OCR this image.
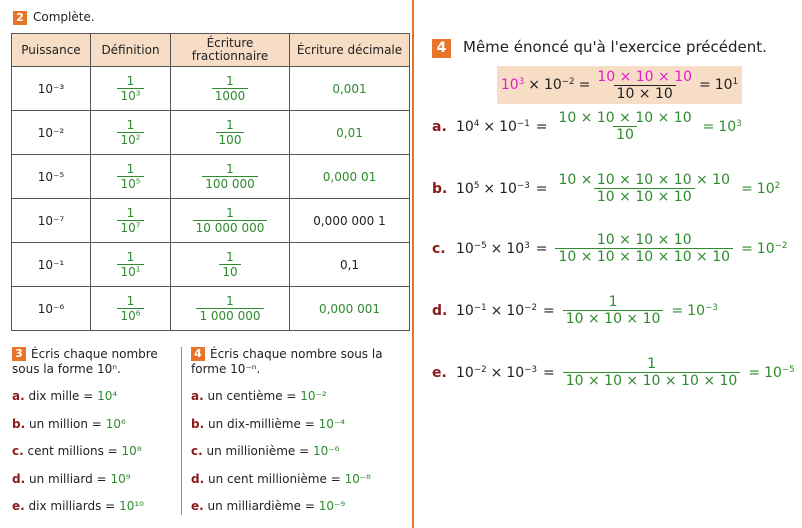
2 Complète.
Puissance	Définition	Écriture fractionnaire	Écriture décimale
10⁻³	$\frac{1}{10^3}$	$\frac{1}{1000}$	0,001
10⁻²	$\frac{1}{10^2}$	$\frac{1}{100}$	0,01
10⁻⁵	$\frac{1}{10^5}$	$\frac{1}{100 000}$	0,000 01
10⁻⁷	$\frac{1}{10^7}$	$\frac{1}{10 000 000}$	0,000 000 1
10⁻¹	$\frac{1}{10^1}$	$\frac{1}{10}$	0,1
10⁻⁶	$\frac{1}{10^6}$	$\frac{1}{1 000 000}$	0,000 001
3 Écris chaque nombre sous la forme 10ⁿ.
a. dix mille = 10⁴
b. un million = 10⁶
c. cent millions = 10⁸
d. un milliard = 10⁹
e. dix milliards = 10¹⁰
4 Écris chaque nombre sous la forme 10⁻ⁿ.
a. un centième = 10⁻²
b. un dix-millième = 10⁻⁴
c. un millionième = 10⁻⁶
d. un cent millionième = 10⁻⁸
e. un milliardième = 10⁻⁹
4 Même énoncé qu'à l'exercice précédent.
$10^3 \times 10^{-2} = \frac{10 \times 10 \times 10}{10 \times 10} = 10^1$
a. $10^4 \times 10^{-1} = \frac{10 \times 10 \times 10 \times 10}{10} = 10^3$
b. $10^5 \times 10^{-3} = \frac{10 \times 10 \times 10 \times 10 \times 10}{10 \times 10 \times 10} = 10^2$
c. $10^{-5} \times 10^3 = \frac{10 \times 10 \times 10}{10 \times 10 \times 10 \times 10 \times 10} = 10^{-2}$
d. $10^{-1} \times 10^{-2} = \frac{1}{10 \times 10 \times 10} = 10^{-3}$
e. $10^{-2} \times 10^{-3} = \frac{1}{10 \times 10 \times 10 \times 10 \times 10} = 10^{-5}$
